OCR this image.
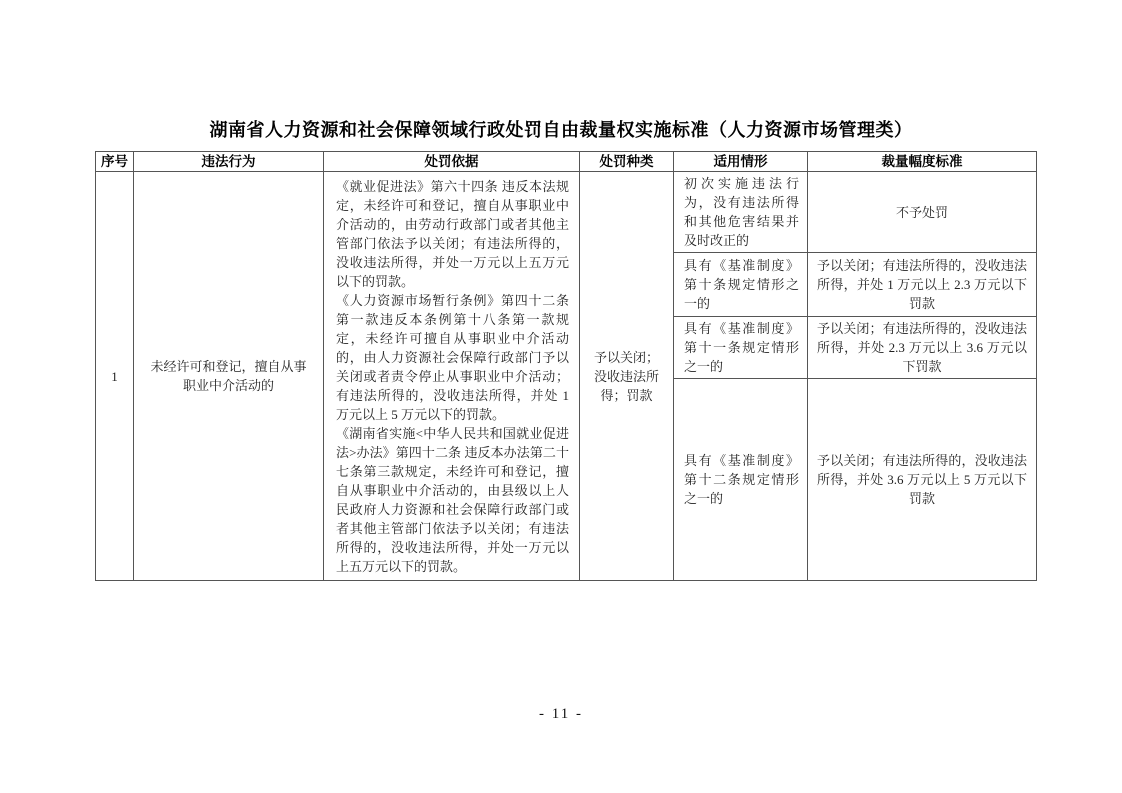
湖南省人力资源和社会保障领域行政处罚自由裁量权实施标准（人力资源市场管理类）
序号	违法行为	处罚依据	处罚种类	适用情形	裁量幅度标准
1	未经许可和登记，擅自从事职业中介活动的	《就业促进法》第六十四条 违反本法规定，未经许可和登记，擅自从事职业中介活动的，由劳动行政部门或者其他主管部门依法予以关闭；有违法所得的，没收违法所得，并处一万元以上五万元以下的罚款。

《人力资源市场暂行条例》第四十二条第一款违反本条例第十八条第一款规定，未经许可擅自从事职业中介活动的，由人力资源社会保障行政部门予以关闭或者责令停止从事职业中介活动；有违法所得的，没收违法所得，并处 1 万元以上 5 万元以下的罚款。

《湖南省实施<中华人民共和国就业促进法>办法》第四十二条 违反本办法第二十七条第三款规定，未经许可和登记，擅自从事职业中介活动的，由县级以上人民政府人力资源和社会保障行政部门或者其他主管部门依法予以关闭；有违法所得的，没收违法所得，并处一万元以上五万元以下的罚款。	予以关闭；没收违法所得；罚款	初次实施违法行为，没有违法所得和其他危害结果并及时改正的	不予处罚
				具有《基准制度》第十条规定情形之一的	予以关闭；有违法所得的，没收违法所得，并处 1 万元以上 2.3 万元以下罚款
				具有《基准制度》第十一条规定情形之一的	予以关闭；有违法所得的，没收违法所得，并处 2.3 万元以上 3.6 万元以下罚款
				具有《基准制度》第十二条规定情形之一的	予以关闭；有违法所得的，没收违法所得，并处 3.6 万元以上 5 万元以下罚款
- 11 -
